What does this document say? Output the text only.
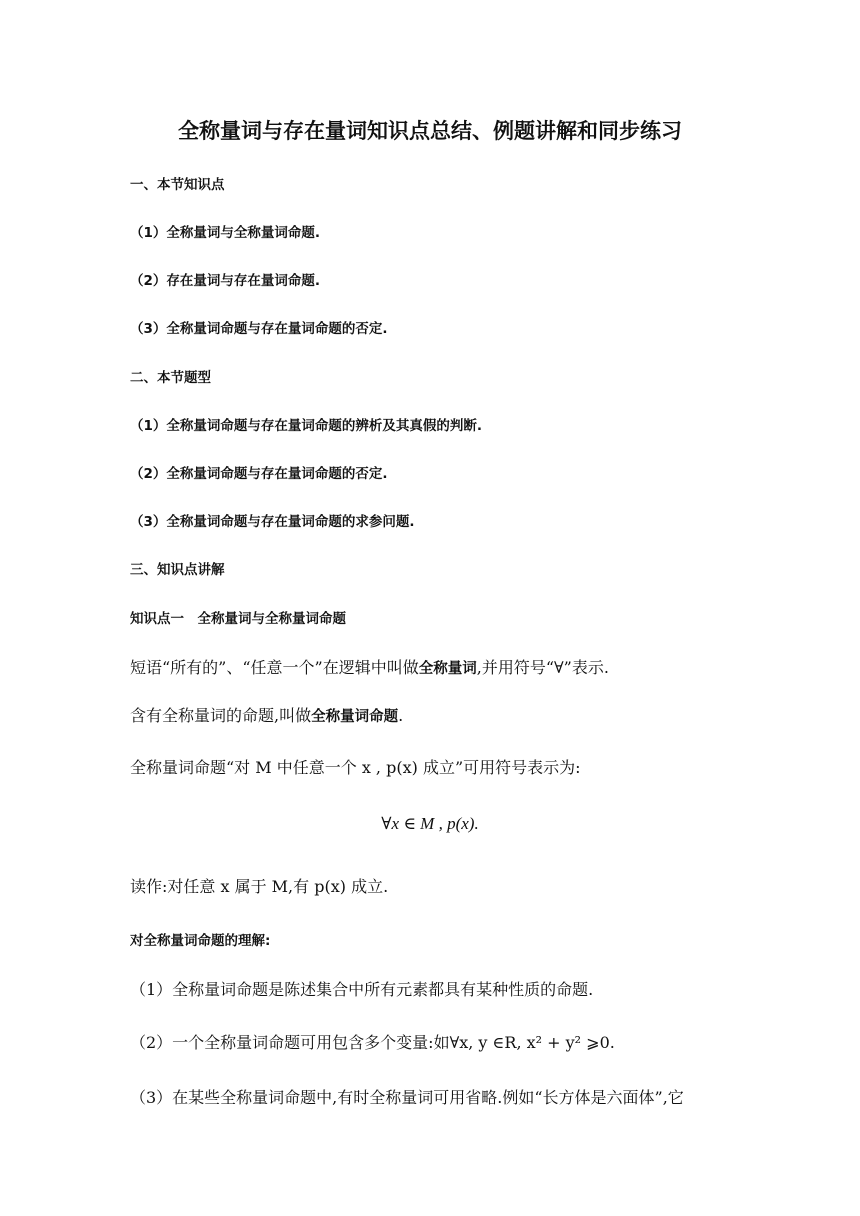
全称量词与存在量词知识点总结、例题讲解和同步练习
一、本节知识点
（1）全称量词与全称量词命题.
（2）存在量词与存在量词命题.
（3）全称量词命题与存在量词命题的否定.
二、本节题型
（1）全称量词命题与存在量词命题的辨析及其真假的判断.
（2）全称量词命题与存在量词命题的否定.
（3）全称量词命题与存在量词命题的求参问题.
三、知识点讲解
知识点一　全称量词与全称量词命题
短语“所有的”、“任意一个”在逻辑中叫做全称量词,并用符号“∀”表示.
含有全称量词的命题,叫做全称量词命题.
全称量词命题“对 M 中任意一个 x , p(x) 成立”可用符号表示为:
∀x ∈ M , p(x).
读作:对任意 x 属于 M,有 p(x) 成立.
对全称量词命题的理解:
（1）全称量词命题是陈述集合中所有元素都具有某种性质的命题.
（2）一个全称量词命题可用包含多个变量:如∀x, y ∈R, x² + y² ⩾0.
（3）在某些全称量词命题中,有时全称量词可用省略.例如“长方体是六面体”,它
